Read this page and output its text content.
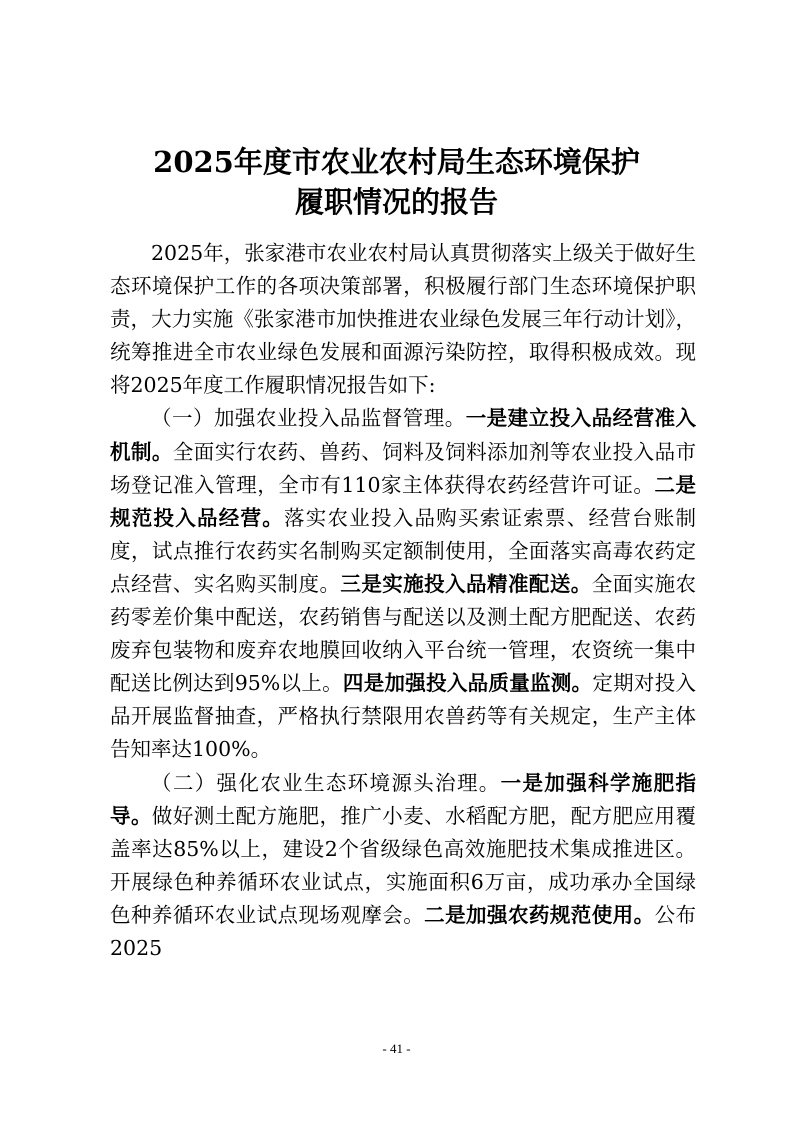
2025年度市农业农村局生态环境保护
履职情况的报告

2025年，张家港市农业农村局认真贯彻落实上级关于做好生态环境保护工作的各项决策部署，积极履行部门生态环境保护职责，大力实施《张家港市加快推进农业绿色发展三年行动计划》，统筹推进全市农业绿色发展和面源污染防控，取得积极成效。现将2025年度工作履职情况报告如下:

（一）加强农业投入品监督管理。一是建立投入品经营准入机制。全面实行农药、兽药、饲料及饲料添加剂等农业投入品市场登记准入管理，全市有110家主体获得农药经营许可证。二是规范投入品经营。落实农业投入品购买索证索票、经营台账制度，试点推行农药实名制购买定额制使用，全面落实高毒农药定点经营、实名购买制度。三是实施投入品精准配送。全面实施农药零差价集中配送，农药销售与配送以及测土配方肥配送、农药废弃包装物和废弃农地膜回收纳入平台统一管理，农资统一集中配送比例达到95%以上。四是加强投入品质量监测。定期对投入品开展监督抽查，严格执行禁限用农兽药等有关规定，生产主体告知率达100%。

（二）强化农业生态环境源头治理。一是加强科学施肥指导。做好测土配方施肥，推广小麦、水稻配方肥，配方肥应用覆盖率达85%以上，建设2个省级绿色高效施肥技术集成推进区。开展绿色种养循环农业试点，实施面积6万亩，成功承办全国绿色种养循环农业试点现场观摩会。二是加强农药规范使用。公布2025

- 41 -
